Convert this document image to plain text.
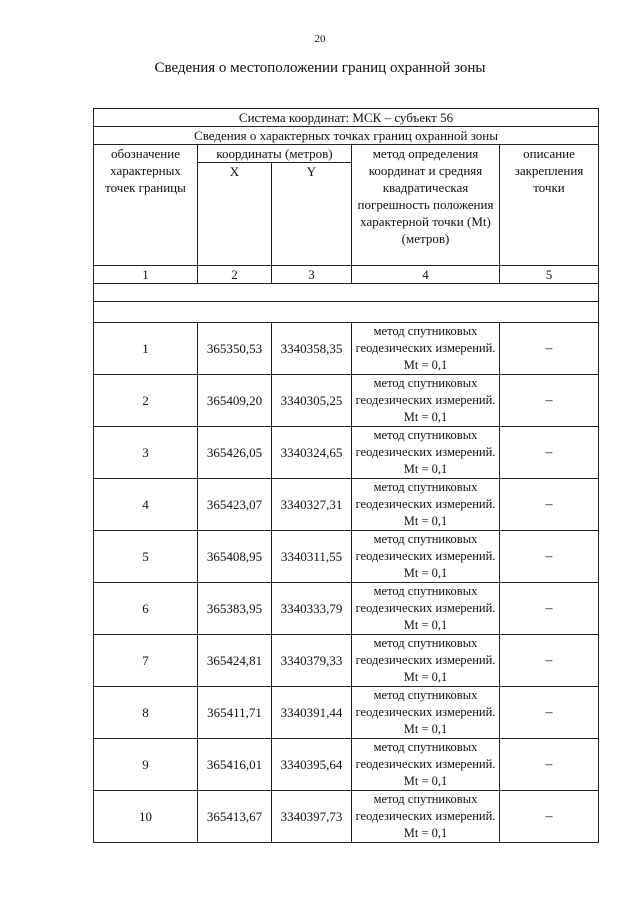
20
Сведения о местоположении границ охранной зоны
Система координат: МСК – субъект 56				
Сведения о характерных точках границ охранной зоны				
обозначение характерных точек границы	координаты (метров)		метод определения координат и средняя квадратическая погрешность положения характерной точки (Mt) (метров)	описание закрепления точки
	X	Y		
1	2	3	4	5

1	365350,53	3340358,35	метод спутниковых геодезических измерений. Mt = 0,1	–
2	365409,20	3340305,25	метод спутниковых геодезических измерений. Mt = 0,1	–
3	365426,05	3340324,65	метод спутниковых геодезических измерений. Mt = 0,1	–
4	365423,07	3340327,31	метод спутниковых геодезических измерений. Mt = 0,1	–
5	365408,95	3340311,55	метод спутниковых геодезических измерений. Mt = 0,1	–
6	365383,95	3340333,79	метод спутниковых геодезических измерений. Mt = 0,1	–
7	365424,81	3340379,33	метод спутниковых геодезических измерений. Mt = 0,1	–
8	365411,71	3340391,44	метод спутниковых геодезических измерений. Mt = 0,1	–
9	365416,01	3340395,64	метод спутниковых геодезических измерений. Mt = 0,1	–
10	365413,67	3340397,73	метод спутниковых геодезических измерений. Mt = 0,1	–
